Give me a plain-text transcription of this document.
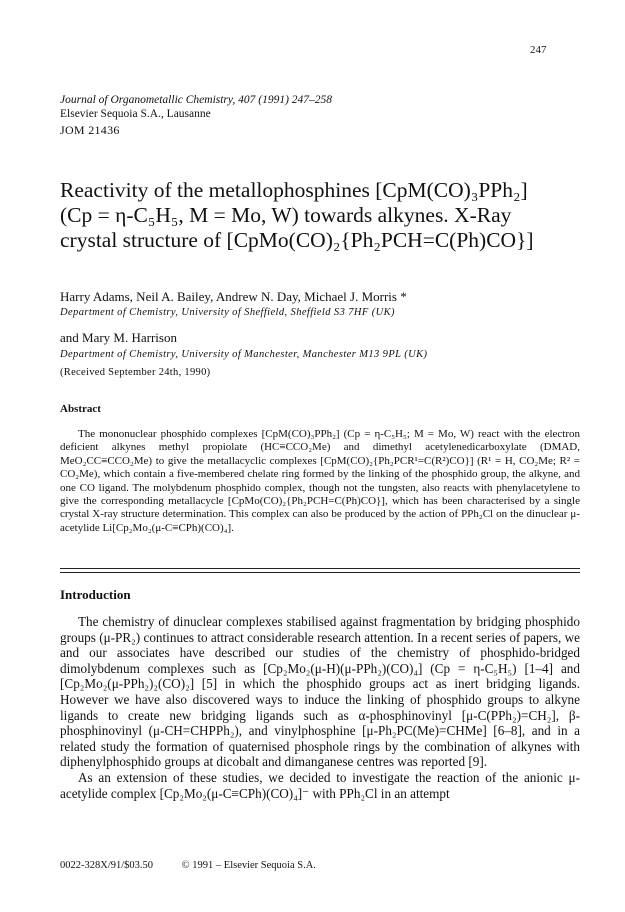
247
Journal of Organometallic Chemistry, 407 (1991) 247–258
Elsevier Sequoia S.A., Lausanne
JOM 21436
Reactivity of the metallophosphines [CpM(CO)₃PPh₂]
(Cp = η-C₅H₅, M = Mo, W) towards alkynes. X-Ray
crystal structure of [CpMo(CO)₂{Ph₂PCH=C(Ph)CO}]
Harry Adams, Neil A. Bailey, Andrew N. Day, Michael J. Morris *
Department of Chemistry, University of Sheffield, Sheffield S3 7HF (UK)
and Mary M. Harrison
Department of Chemistry, University of Manchester, Manchester M13 9PL (UK)
(Received September 24th, 1990)
Abstract

The mononuclear phosphido complexes [CpM(CO)₃PPh₂] (Cp = η-C₅H₅; M = Mo, W) react with the electron deficient alkynes methyl propiolate (HC≡CCO₂Me) and dimethyl acetylenedicarboxylate (DMAD, MeO₂CC≡CCO₂Me) to give the metallacyclic complexes [CpM(CO)₂{Ph₂PCR¹=C(R²)CO}] (R¹ = H, CO₂Me; R² = CO₂Me), which contain a five-membered chelate ring formed by the linking of the phosphido group, the alkyne, and one CO ligand. The molybdenum phosphido complex, though not the tungsten, also reacts with phenylacetylene to give the corresponding metallacycle [CpMo(CO)₂{Ph₂PCH=C(Ph)CO}], which has been characterised by a single crystal X-ray structure determination. This complex can also be produced by the action of PPh₂Cl on the dinuclear μ-acetylide Li[Cp₂Mo₂(μ-C≡CPh)(CO)₄].

Introduction

The chemistry of dinuclear complexes stabilised against fragmentation by bridging phosphido groups (μ-PR₂) continues to attract considerable research attention. In a recent series of papers, we and our associates have described our studies of the chemistry of phosphido-bridged dimolybdenum complexes such as [Cp₂Mo₂(μ-H)(μ-PPh₂)(CO)₄] (Cp = η-C₅H₅) [1–4] and [Cp₂Mo₂(μ-PPh₂)₂(CO)₂] [5] in which the phosphido groups act as inert bridging ligands. However we have also discovered ways to induce the linking of phosphido groups to alkyne ligands to create new bridging ligands such as α-phosphinovinyl [μ-C(PPh₂)=CH₂], β-phosphinovinyl (μ-CH=CHPPh₂), and vinylphosphine [μ-Ph₂PC(Me)=CHMe] [6–8], and in a related study the formation of quaternised phosphole rings by the combination of alkynes with diphenylphosphido groups at dicobalt and dimanganese centres was reported [9].

As an extension of these studies, we decided to investigate the reaction of the anionic μ-acetylide complex [Cp₂Mo₂(μ-C≡CPh)(CO)₄]⁻ with PPh₂Cl in an attempt

0022-328X/91/$03.50	© 1991 – Elsevier Sequoia S.A.
